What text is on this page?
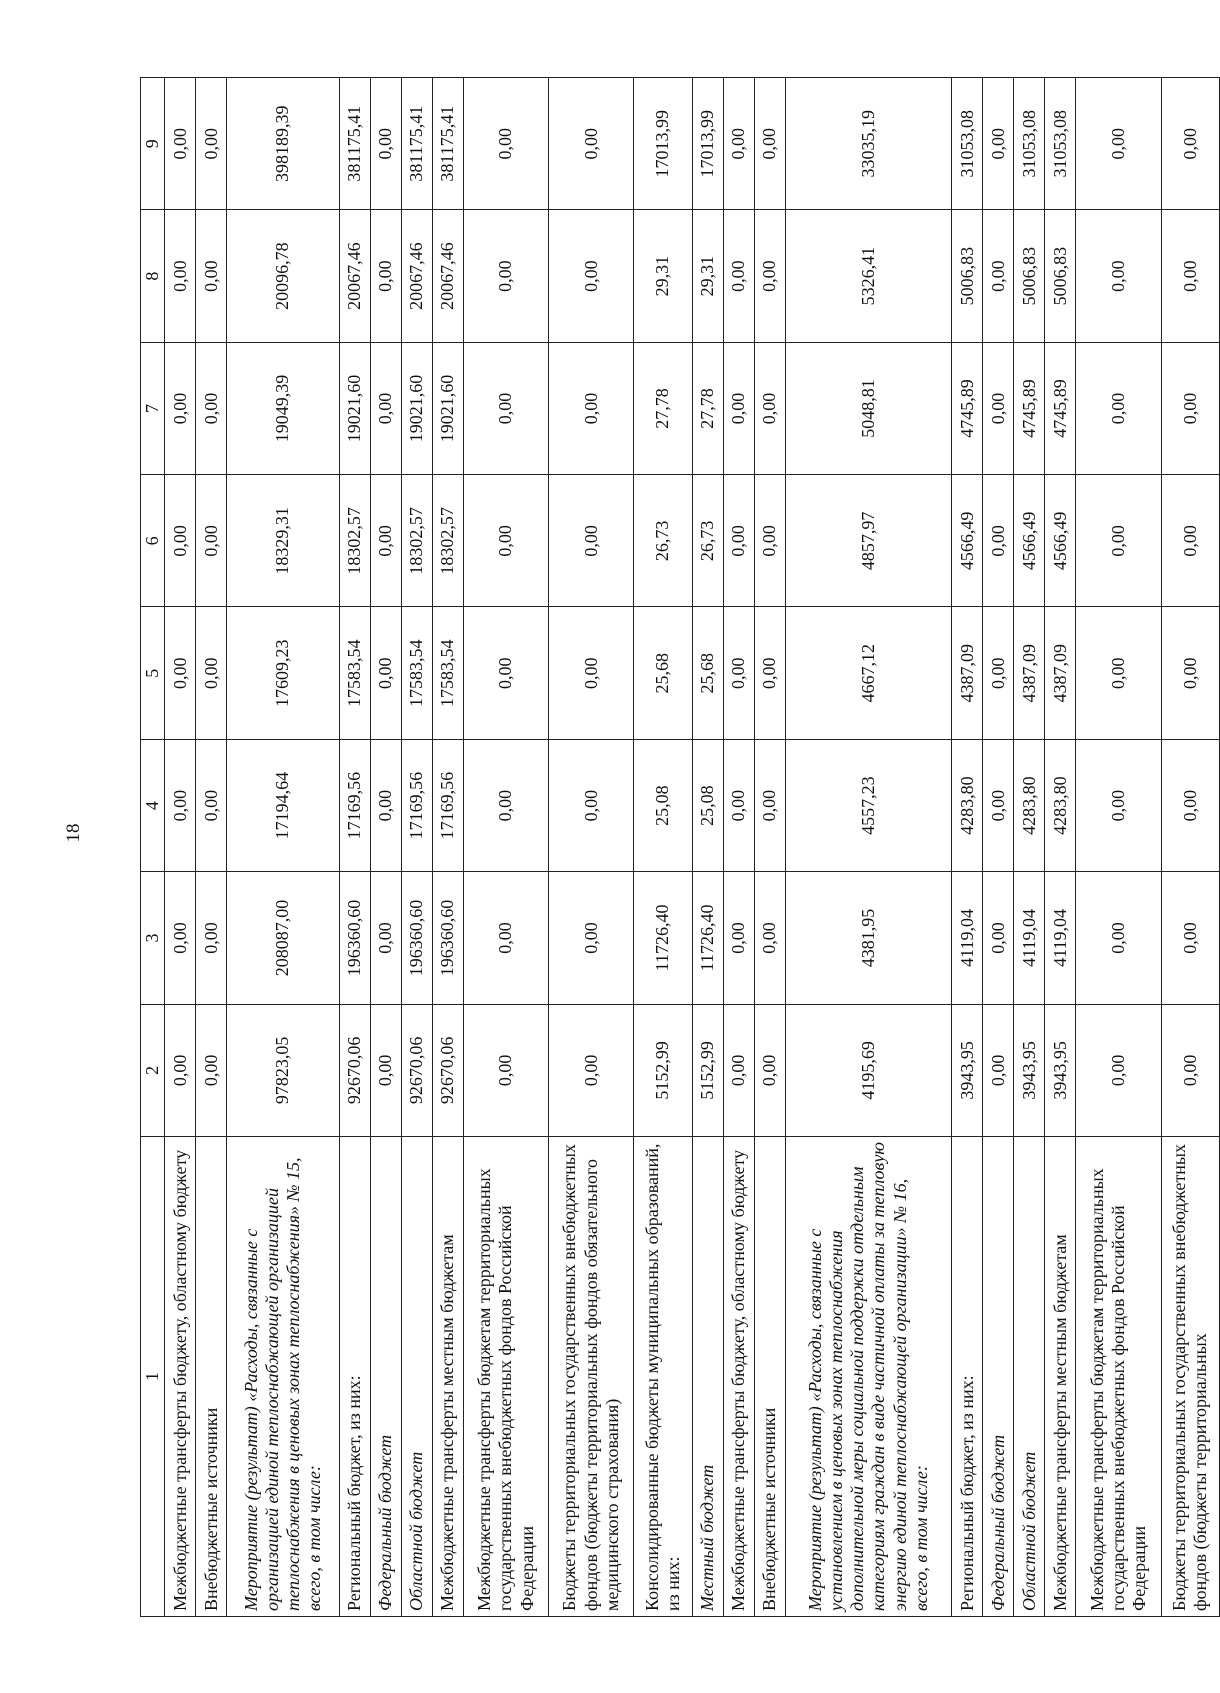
18
1	2	3	4	5	6	7	8	9
Межбюджетные трансферты бюджету, областному бюджету	0,00	0,00	0,00	0,00	0,00	0,00	0,00	0,00
Внебюджетные источники	0,00	0,00	0,00	0,00	0,00	0,00	0,00	0,00
Мероприятие (результат) «Расходы, связанные с организацией единой теплоснабжающей организацией теплоснабжения в ценовых зонах теплоснабжения» № 15, всего, в том числе:	97823,05	208087,00	17194,64	17609,23	18329,31	19049,39	20096,78	398189,39
Региональный бюджет, из них:	92670,06	196360,60	17169,56	17583,54	18302,57	19021,60	20067,46	381175,41
Федеральный бюджет	0,00	0,00	0,00	0,00	0,00	0,00	0,00	0,00
Областной бюджет	92670,06	196360,60	17169,56	17583,54	18302,57	19021,60	20067,46	381175,41
Межбюджетные трансферты местным бюджетам	92670,06	196360,60	17169,56	17583,54	18302,57	19021,60	20067,46	381175,41
Межбюджетные трансферты бюджетам территориальных государственных внебюджетных фондов Российской Федерации	0,00	0,00	0,00	0,00	0,00	0,00	0,00	0,00
Бюджеты территориальных государственных внебюджетных фондов (бюджеты территориальных фондов обязательного медицинского страхования)	0,00	0,00	0,00	0,00	0,00	0,00	0,00	0,00
Консолидированные бюджеты муниципальных образований, из них:	5152,99	11726,40	25,08	25,68	26,73	27,78	29,31	17013,99
Местный бюджет	5152,99	11726,40	25,08	25,68	26,73	27,78	29,31	17013,99
Межбюджетные трансферты бюджету, областному бюджету	0,00	0,00	0,00	0,00	0,00	0,00	0,00	0,00
Внебюджетные источники	0,00	0,00	0,00	0,00	0,00	0,00	0,00	0,00
Мероприятие (результат) «Расходы, связанные с установлением в ценовых зонах теплоснабжения дополнительной меры социальной поддержки отдельным категориям граждан в виде частичной оплаты за тепловую энергию единой теплоснабжающей организации» № 16, всего, в том числе:	4195,69	4381,95	4557,23	4667,12	4857,97	5048,81	5326,41	33035,19
Региональный бюджет, из них:	3943,95	4119,04	4283,80	4387,09	4566,49	4745,89	5006,83	31053,08
Федеральный бюджет	0,00	0,00	0,00	0,00	0,00	0,00	0,00	0,00
Областной бюджет	3943,95	4119,04	4283,80	4387,09	4566,49	4745,89	5006,83	31053,08
Межбюджетные трансферты местным бюджетам	3943,95	4119,04	4283,80	4387,09	4566,49	4745,89	5006,83	31053,08
Межбюджетные трансферты бюджетам территориальных государственных внебюджетных фондов Российской Федерации	0,00	0,00	0,00	0,00	0,00	0,00	0,00	0,00
Бюджеты территориальных государственных внебюджетных фондов (бюджеты территориальных	0,00	0,00	0,00	0,00	0,00	0,00	0,00	0,00
